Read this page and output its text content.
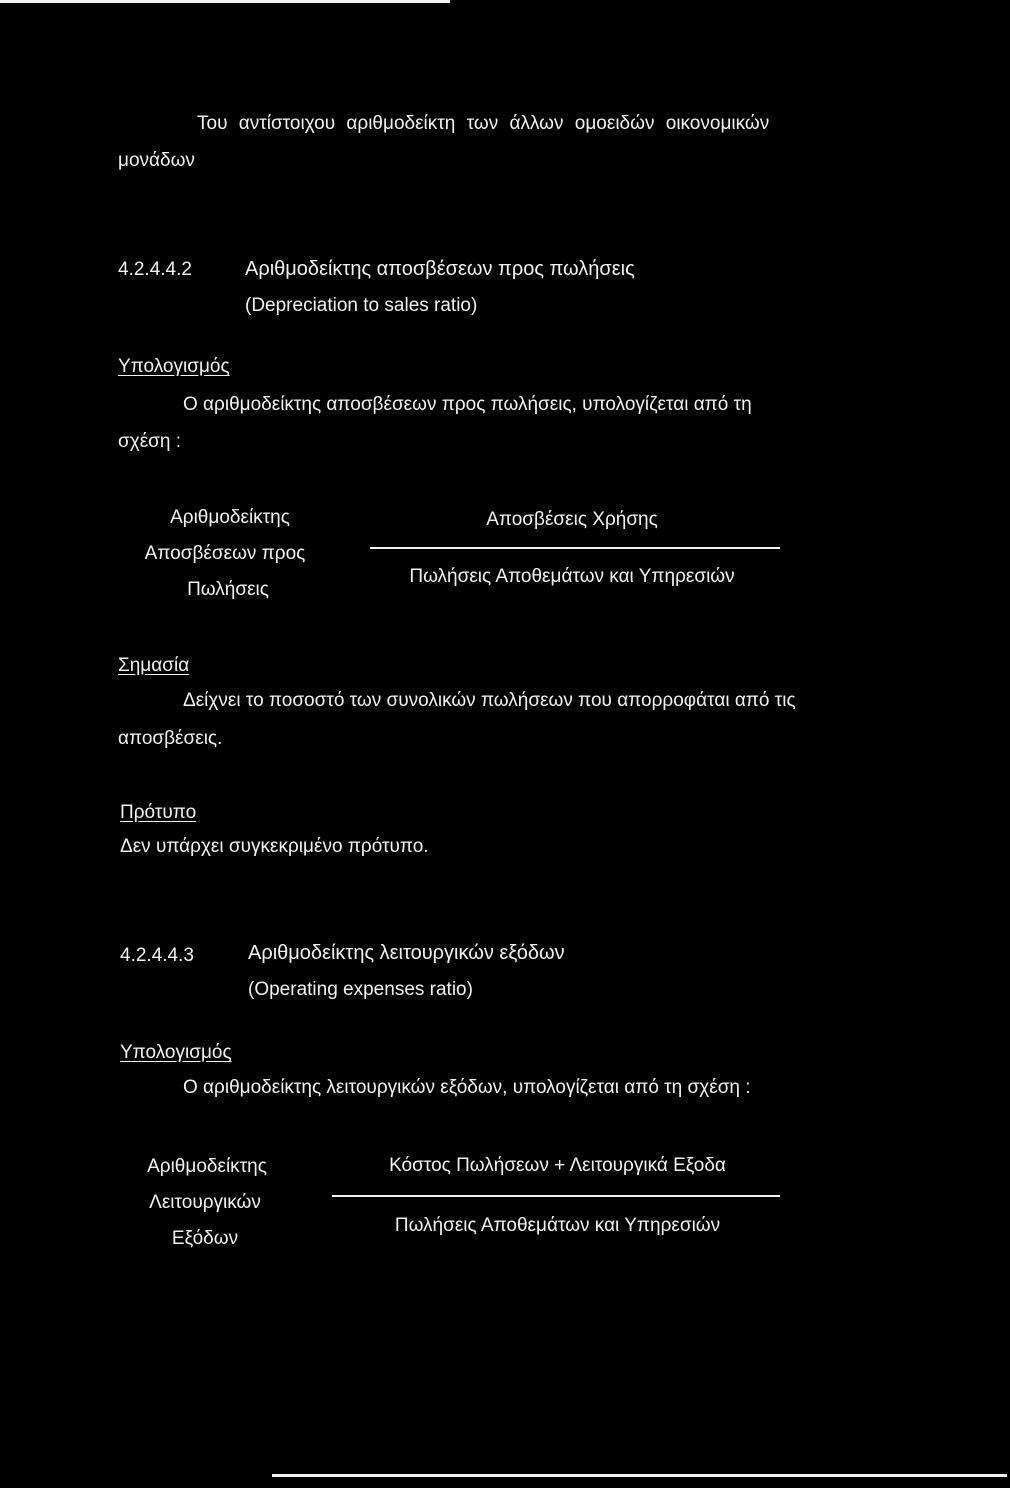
Του αντίστοιχου αριθμοδείκτη των άλλων ομοειδών οικονομικών
μονάδων
4.2.4.4.2	Αριθμοδείκτης αποσβέσεων προς πωλήσεις
(Depreciation to sales ratio)
Υπολογισμός
Ο αριθμοδείκτης αποσβέσεων προς πωλήσεις, υπολογίζεται από τη
σχέση :
Αριθμοδείκτης
Αποσβέσεων προς
Πωλήσεις
Αποσβέσεις Χρήσης
Πωλήσεις Αποθεμάτων και Υπηρεσιών
Σημασία
Δείχνει το ποσοστό των συνολικών πωλήσεων που απορροφάται από τις
αποσβέσεις.
Πρότυπο
Δεν υπάρχει συγκεκριμένο πρότυπο.
4.2.4.4.3	Αριθμοδείκτης λειτουργικών εξόδων
(Operating expenses ratio)
Υπολογισμός
Ο αριθμοδείκτης λειτουργικών εξόδων, υπολογίζεται από τη σχέση :
Αριθμοδείκτης
Λειτουργικών
Εξόδων
Κόστος Πωλήσεων + Λειτουργικά Εξοδα
Πωλήσεις Αποθεμάτων και Υπηρεσιών
